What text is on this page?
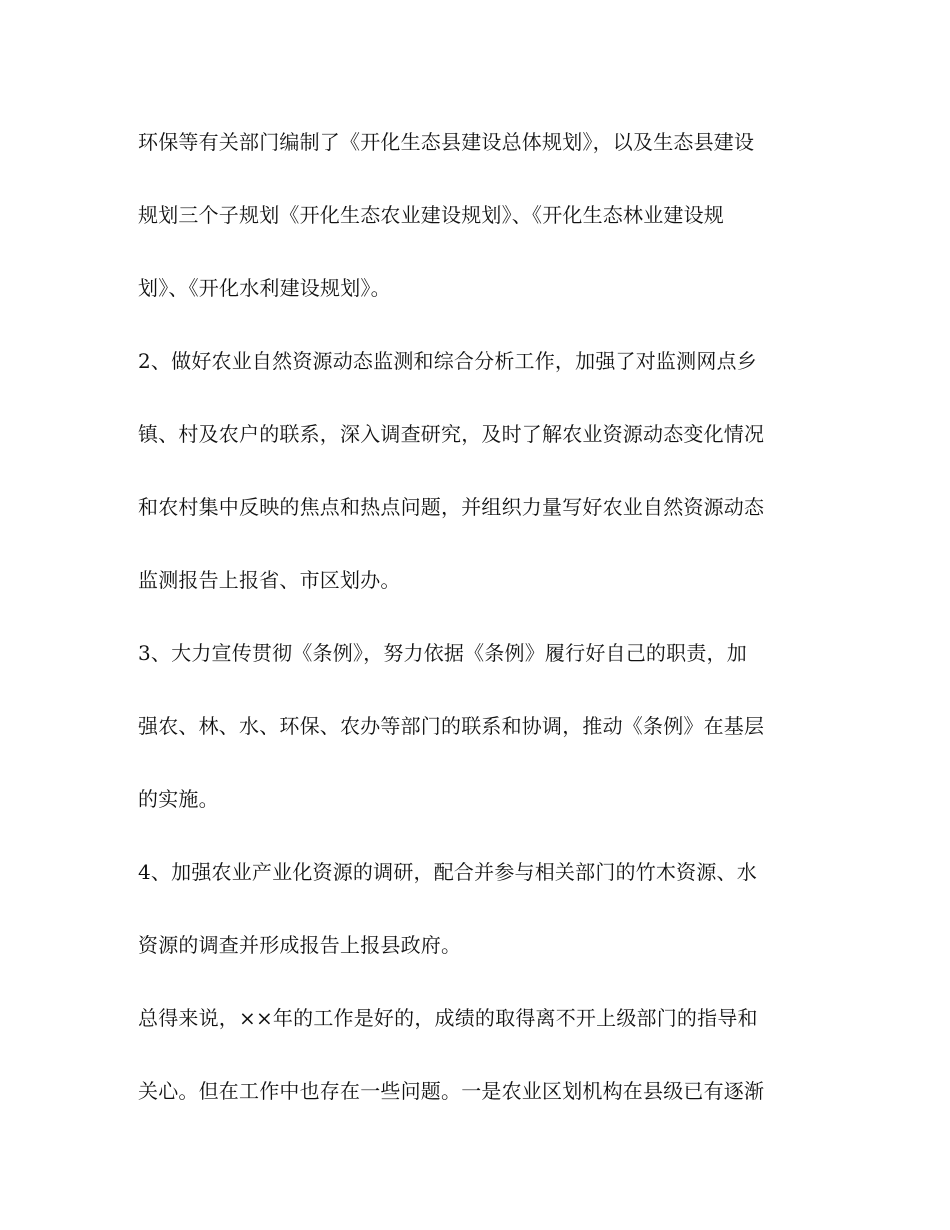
环保等有关部门编制了《开化生态县建设总体规划》，以及生态县建设
规划三个子规划《开化生态农业建设规划》、《开化生态林业建设规
划》、《开化水利建设规划》。
2、做好农业自然资源动态监测和综合分析工作，加强了对监测网点乡
镇、村及农户的联系，深入调查研究，及时了解农业资源动态变化情况
和农村集中反映的焦点和热点问题，并组织力量写好农业自然资源动态
监测报告上报省、市区划办。
3、大力宣传贯彻《条例》，努力依据《条例》履行好自己的职责，加
强农、林、水、环保、农办等部门的联系和协调，推动《条例》在基层
的实施。
4、加强农业产业化资源的调研，配合并参与相关部门的竹木资源、水
资源的调查并形成报告上报县政府。
总得来说，××年的工作是好的，成绩的取得离不开上级部门的指导和
关心。但在工作中也存在一些问题。一是农业区划机构在县级已有逐渐
